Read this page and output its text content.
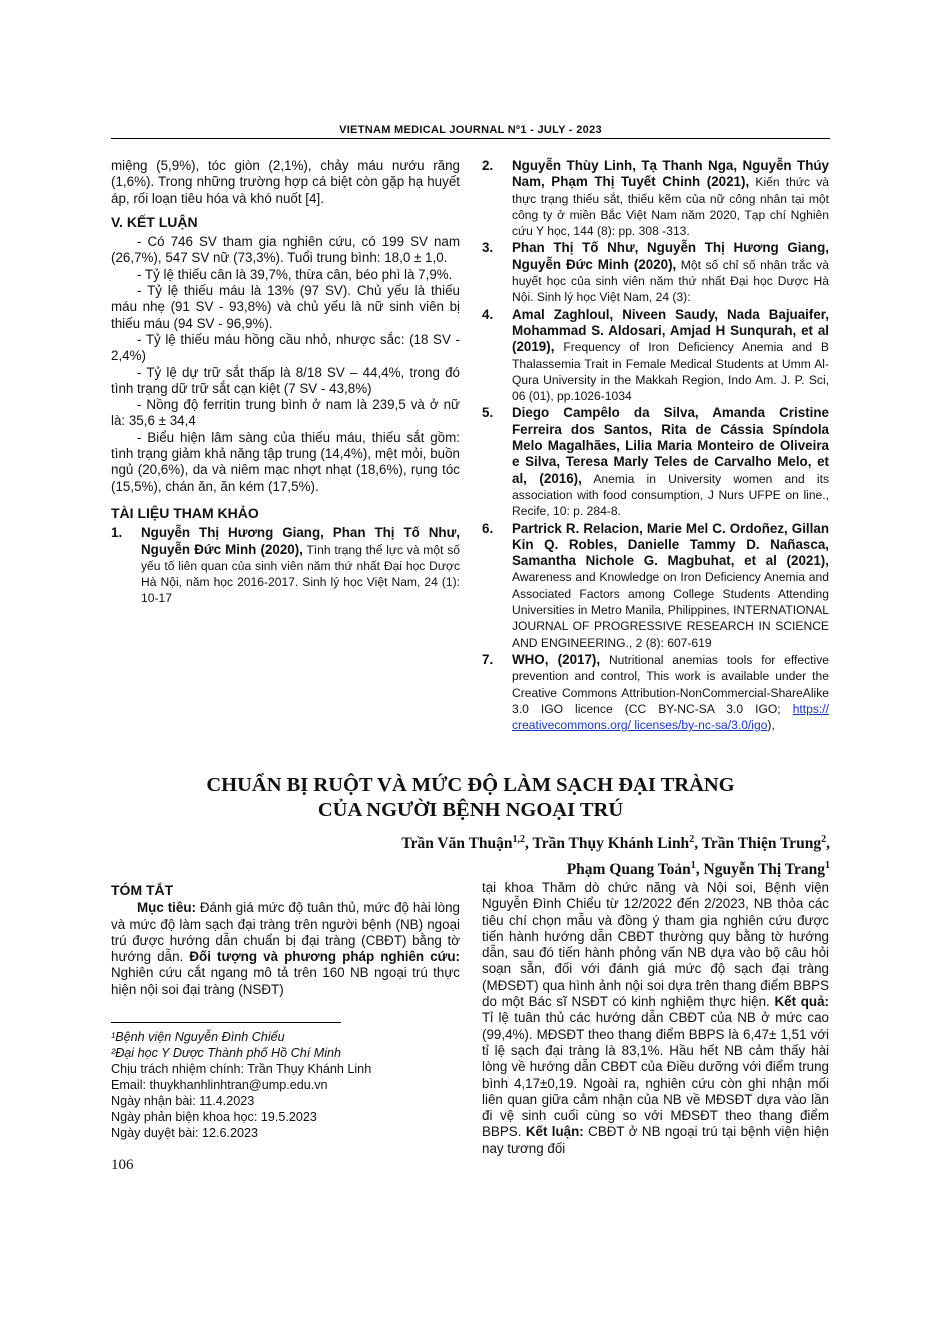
VIETNAM MEDICAL JOURNAL Nº1 - JULY - 2023

miệng (5,9%), tóc giòn (2,1%), chảy máu nướu răng (1,6%). Trong những trường hợp cá biệt còn gặp hạ huyết áp, rối loạn tiêu hóa và khó nuốt [4].

V. KẾT LUẬN

- Có 746 SV tham gia nghiên cứu, có 199 SV nam (26,7%), 547 SV nữ (73,3%). Tuổi trung bình: 18,0 ± 1,0.

- Tỷ lệ thiếu cân là 39,7%, thừa cân, béo phì là 7,9%.

- Tỷ lệ thiếu máu là 13% (97 SV). Chủ yếu là thiếu máu nhẹ (91 SV - 93,8%) và chủ yếu là nữ sinh viên bị thiếu máu (94 SV - 96,9%).

- Tỷ lệ thiếu máu hồng cầu nhỏ, nhược sắc: (18 SV - 2,4%)

- Tỷ lệ dự trữ sắt thấp là 8/18 SV – 44,4%, trong đó tình trạng dữ trữ sắt cạn kiệt (7 SV - 43,8%)

- Nồng độ ferritin trung bình ở nam là 239,5 và ở nữ là: 35,6 ± 34,4

- Biểu hiện lâm sàng của thiếu máu, thiếu sắt gồm: tình trạng giảm khả năng tập trung (14,4%), mệt mỏi, buồn ngủ (20,6%), da và niêm mạc nhợt nhạt (18,6%), rụng tóc (15,5%), chán ăn, ăn kém (17,5%).

TÀI LIỆU THAM KHẢO
1.	Nguyễn Thị Hương Giang, Phan Thị Tố Như, Nguyễn Đức Minh (2020), Tình trạng thể lực và một số yếu tố liên quan của sinh viên năm thứ nhất Đại học Dược Hà Nội, năm học 2016-2017. Sinh lý học Việt Nam, 24 (1): 10-17
2.	Nguyễn Thùy Linh, Tạ Thanh Nga, Nguyễn Thúy Nam, Phạm Thị Tuyết Chinh (2021), Kiến thức và thực trạng thiếu sắt, thiếu kẽm của nữ công nhân tại một công ty ở miền Bắc Việt Nam năm 2020, Tạp chí Nghiên cứu Y học, 144 (8): pp. 308 -313.
3.	Phan Thị Tố Như, Nguyễn Thị Hương Giang, Nguyễn Đức Minh (2020), Một số chỉ số nhân trắc và huyết học của sinh viên năm thứ nhất Đại học Dược Hà Nội. Sinh lý học Việt Nam, 24 (3):
4.	Amal Zaghloul, Niveen Saudy, Nada Bajuaifer, Mohammad S. Aldosari, Amjad H Sunqurah, et al (2019), Frequency of Iron Deficiency Anemia and B Thalassemia Trait in Female Medical Students at Umm Al-Qura University in the Makkah Region, Indo Am. J. P. Sci, 06 (01), pp.1026-1034
5.	Diego Campêlo da Silva, Amanda Cristine Ferreira dos Santos, Rita de Cássia Spíndola Melo Magalhães, Lilia Maria Monteiro de Oliveira e Silva, Teresa Marly Teles de Carvalho Melo, et al, (2016), Anemia in University women and its association with food consumption, J Nurs UFPE on line., Recife, 10: p. 284-8.
6.	Partrick R. Relacion, Marie Mel C. Ordoñez, Gillan Kin Q. Robles, Danielle Tammy D. Nañasca, Samantha Nichole G. Magbuhat, et al (2021), Awareness and Knowledge on Iron Deficiency Anemia and Associated Factors among College Students Attending Universities in Metro Manila, Philippines, INTERNATIONAL JOURNAL OF PROGRESSIVE RESEARCH IN SCIENCE AND ENGINEERING., 2 (8): 607-619
7.	WHO, (2017), Nutritional anemias tools for effective prevention and control, This work is available under the Creative Commons Attribution-NonCommercial-ShareAlike 3.0 IGO licence (CC BY-NC-SA 3.0 IGO; https:// creativecommons.org/ licenses/by-nc-sa/3.0/igo),
CHUẨN BỊ RUỘT VÀ MỨC ĐỘ LÀM SẠCH ĐẠI TRÀNG
CỦA NGƯỜI BỆNH NGOẠI TRÚ
Trần Văn Thuận$^{1,2}$, Trần Thụy Khánh Linh$^2$, Trần Thiện Trung$^2$,
Phạm Quang Toản$^1$, Nguyễn Thị Trang$^1$
TÓM TẮT

Mục tiêu: Đánh giá mức độ tuân thủ, mức độ hài lòng và mức độ làm sạch đại tràng trên người bệnh (NB) ngoại trú được hướng dẫn chuẩn bị đại tràng (CBĐT) bằng tờ hướng dẫn. Đối tượng và phương pháp nghiên cứu: Nghiên cứu cắt ngang mô tả trên 160 NB ngoại trú thực hiện nội soi đại tràng (NSĐT)

tại khoa Thăm dò chức năng và Nội soi, Bệnh viện Nguyễn Đình Chiểu từ 12/2022 đến 2/2023, NB thỏa các tiêu chí chọn mẫu và đồng ý tham gia nghiên cứu được tiến hành hướng dẫn CBĐT thường quy bằng tờ hướng dẫn, sau đó tiến hành phỏng vấn NB dựa vào bộ câu hỏi soạn sẵn, đối với đánh giá mức độ sạch đại tràng (MĐSĐT) qua hình ảnh nội soi dựa trên thang điểm BBPS do một Bác sĩ NSĐT có kinh nghiệm thực hiện. Kết quả: Tỉ lệ tuân thủ các hướng dẫn CBĐT của NB ở mức cao (99,4%). MĐSĐT theo thang điểm BBPS là 6,47± 1,51 với tỉ lệ sạch đại tràng là 83,1%. Hầu hết NB cảm thấy hài lòng về hướng dẫn CBĐT của Điều dưỡng với điểm trung bình 4,17±0,19. Ngoài ra, nghiên cứu còn ghi nhận mối liên quan giữa cảm nhận của NB về MĐSĐT dựa vào lần đi vệ sinh cuối cùng so với MĐSĐT theo thang điểm BBPS. Kết luận: CBĐT ở NB ngoại trú tại bệnh viện hiện nay tương đối

¹Bệnh viện Nguyễn Đình Chiểu
²Đại học Y Dược Thành phố Hồ Chí Minh
Chịu trách nhiệm chính: Trần Thụy Khánh Linh
Email: thuykhanhlinhtran@ump.edu.vn
Ngày nhận bài: 11.4.2023
Ngày phản biện khoa học: 19.5.2023
Ngày duyệt bài: 12.6.2023
106
